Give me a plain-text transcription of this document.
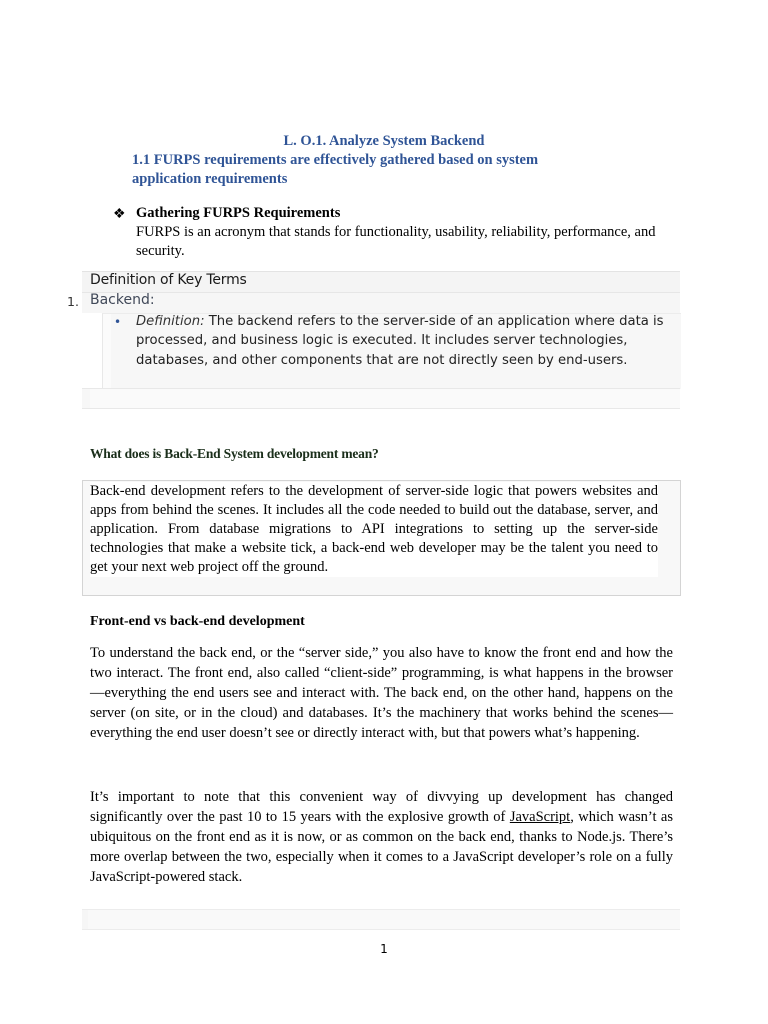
L. O.1. Analyze System Backend
1.1 FURPS requirements are effectively gathered based on system application requirements
❖ Gathering FURPS Requirements
FURPS is an acronym that stands for functionality, usability, reliability, performance, and security.
Definition of Key Terms
1. Backend:
• Definition: The backend refers to the server-side of an application where data is processed, and business logic is executed. It includes server technologies, databases, and other components that are not directly seen by end-users.
What does is Back-End System development mean?
Back-end development refers to the development of server-side logic that powers websites and apps from behind the scenes. It includes all the code needed to build out the database, server, and application. From database migrations to API integrations to setting up the server-side technologies that make a website tick, a back-end web developer may be the talent you need to get your next web project off the ground.
Front-end vs back-end development
To understand the back end, or the “server side,” you also have to know the front end and how the two interact. The front end, also called “client-side” programming, is what happens in the browser—everything the end users see and interact with. The back end, on the other hand, happens on the server (on site, or in the cloud) and databases. It’s the machinery that works behind the scenes—everything the end user doesn’t see or directly interact with, but that powers what’s happening.
It’s important to note that this convenient way of divvying up development has changed significantly over the past 10 to 15 years with the explosive growth of JavaScript, which wasn’t as ubiquitous on the front end as it is now, or as common on the back end, thanks to Node.js. There’s more overlap between the two, especially when it comes to a JavaScript developer’s role on a fully JavaScript-powered stack.
1
